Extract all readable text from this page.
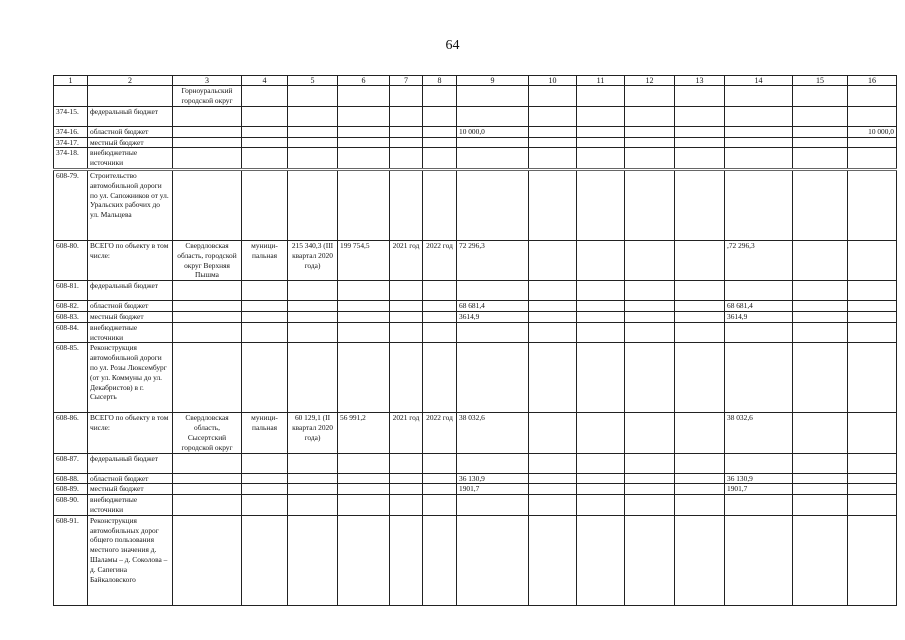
64
1	2	3	4	5	6	7	8	9	10	11	12	13	14	15	16
		Горноуральский городской округ													
374-15.	федеральный бюджет														
374-16.	областной бюджет							10 000,0							10 000,0
374-17.	местный бюджет														
374-18.	внебюджетные источники														
608-79.	Строительство автомобильной дороги по ул. Сапожников от ул. Уральских рабочих до ул. Мальцева														
608-80.	ВСЕГО по объекту в том числе:	Свердловская область, городской округ Верхняя Пышма	муници-пальная	215 340,3 (III квартал 2020 года)	199 754,5	2021 год	2022 год	72 296,3					,72 296,3		
608-81.	федеральный бюджет														
608-82.	областной бюджет							68 681,4					68 681,4		
608-83.	местный бюджет							3614,9					3614,9		
608-84.	внебюджетные источники														
608-85.	Реконструкция автомобильной дороги по ул. Розы Люксембург (от ул. Коммуны до ул. Декабристов) в г. Сысерть														
608-86.	ВСЕГО по объекту в том числе:	Свердловская область, Сысертский городской округ	муници-пальная	60 129,1 (II квартал 2020 года)	56 991,2	2021 год	2022 год	38 032,6					38 032,6		
608-87.	федеральный бюджет														
608-88.	областной бюджет							36 130,9					36 130,9		
608-89.	местный бюджет							1901,7					1901,7		
608-90.	внебюджетные источники														
608-91.	Реконструкция автомобильных дорог общего пользования местного значения д. Шаламы – д. Соколова – д. Сапегина Байкаловского														
